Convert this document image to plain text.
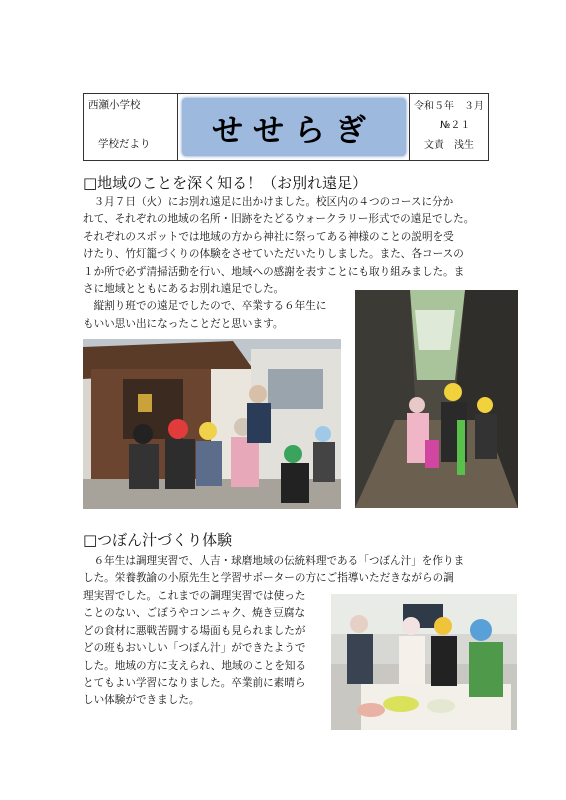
西瀬小学校
学校だより	せせらぎ
令和５年　３月
№２１
文責　浅生
□地域のことを深く知る！（お別れ遠足）

　３月７日（火）にお別れ遠足に出かけました。校区内の４つのコースに分か
れて、それぞれの地域の名所・旧跡をたどるウォークラリー形式での遠足でした。
それぞれのスポットでは地域の方から神社に祭ってある神様のことの説明を受
けたり、竹灯籠づくりの体験をさせていただいたりしました。また、各コースの
１か所で必ず清掃活動を行い、地域への感謝を表すことにも取り組みました。ま
さに地域とともにあるお別れ遠足でした。
　縦割り班での遠足でしたので、卒業する６年生に
もいい思い出になったことだと思います。

□つぼん汁づくり体験

　６年生は調理実習で、人吉・球磨地域の伝統料理である「つぼん汁」を作りま
した。栄養教諭の小原先生と学習サポーターの方にご指導いただきながらの調

理実習でした。これまでの調理実習では使った
ことのない、ごぼうやコンニャク、焼き豆腐な
どの食材に悪戦苦闘する場面も見られましたが
どの班もおいしい「つぼん汁」ができたようで
した。地域の方に支えられ、地域のことを知る
とてもよい学習になりました。卒業前に素晴ら
しい体験ができました。
